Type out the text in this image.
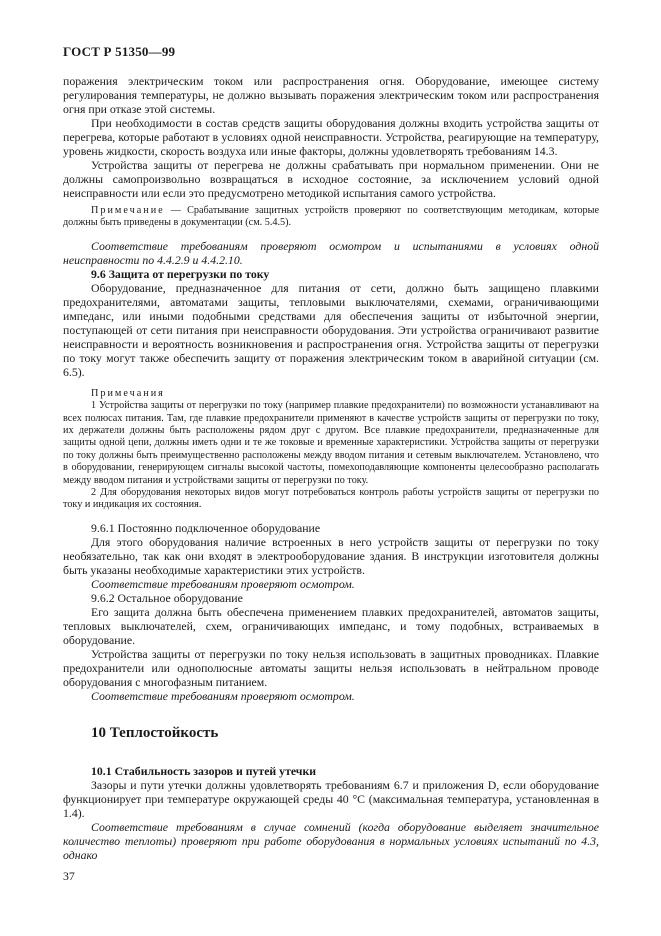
ГОСТ Р 51350—99

поражения электрическим током или распространения огня. Оборудование, имеющее систему регулирования температуры, не должно вызывать поражения электрическим током или распространения огня при отказе этой системы.

При необходимости в состав средств защиты оборудования должны входить устройства защиты от перегрева, которые работают в условиях одной неисправности. Устройства, реагирующие на температуру, уровень жидкости, скорость воздуха или иные факторы, должны удовлетворять требованиям 14.3.

Устройства защиты от перегрева не должны срабатывать при нормальном применении. Они не должны самопроизвольно возвращаться в исходное состояние, за исключением условий одной неисправности или если это предусмотрено методикой испытания самого устройства.

Примечание — Срабатывание защитных устройств проверяют по соответствующим методикам, которые должны быть приведены в документации (см. 5.4.5).

Соответствие требованиям проверяют осмотром и испытаниями в условиях одной неисправности по 4.4.2.9 и 4.4.2.10.

9.6 Защита от перегрузки по току

Оборудование, предназначенное для питания от сети, должно быть защищено плавкими предохранителями, автоматами защиты, тепловыми выключателями, схемами, ограничивающими импеданс, или иными подобными средствами для обеспечения защиты от избыточной энергии, поступающей от сети питания при неисправности оборудования. Эти устройства ограничивают развитие неисправности и вероятность возникновения и распространения огня. Устройства защиты от перегрузки по току могут также обеспечить защиту от поражения электрическим током в аварийной ситуации (см. 6.5).

Примечания

1 Устройства защиты от перегрузки по току (например плавкие предохранители) по возможности устанавливают на всех полюсах питания. Там, где плавкие предохранители применяют в качестве устройств защиты от перегрузки по току, их держатели должны быть расположены рядом друг с другом. Все плавкие предохранители, предназначенные для защиты одной цепи, должны иметь одни и те же токовые и временные характеристики. Устройства защиты от перегрузки по току должны быть преимущественно расположены между вводом питания и сетевым выключателем. Установлено, что в оборудовании, генерирующем сигналы высокой частоты, помехоподавляющие компоненты целесообразно располагать между вводом питания и устройствами защиты от перегрузки по току.

2 Для оборудования некоторых видов могут потребоваться контроль работы устройств защиты от перегрузки по току и индикация их состояния.

9.6.1 Постоянно подключенное оборудование

Для этого оборудования наличие встроенных в него устройств защиты от перегрузки по току необязательно, так как они входят в электрооборудование здания. В инструкции изготовителя должны быть указаны необходимые характеристики этих устройств.

Соответствие требованиям проверяют осмотром.

9.6.2 Остальное оборудование

Его защита должна быть обеспечена применением плавких предохранителей, автоматов защиты, тепловых выключателей, схем, ограничивающих импеданс, и тому подобных, встраиваемых в оборудование.

Устройства защиты от перегрузки по току нельзя использовать в защитных проводниках. Плавкие предохранители или однополюсные автоматы защиты нельзя использовать в нейтральном проводе оборудования с многофазным питанием.

Соответствие требованиям проверяют осмотром.

10 Теплостойкость

10.1 Стабильность зазоров и путей утечки

Зазоры и пути утечки должны удовлетворять требованиям 6.7 и приложения D, если оборудование функционирует при температуре окружающей среды 40 °С (максимальная температура, установленная в 1.4).

Соответствие требованиям в случае сомнений (когда оборудование выделяет значительное количество теплоты) проверяют при работе оборудования в нормальных условиях испытаний по 4.3, однако

37
